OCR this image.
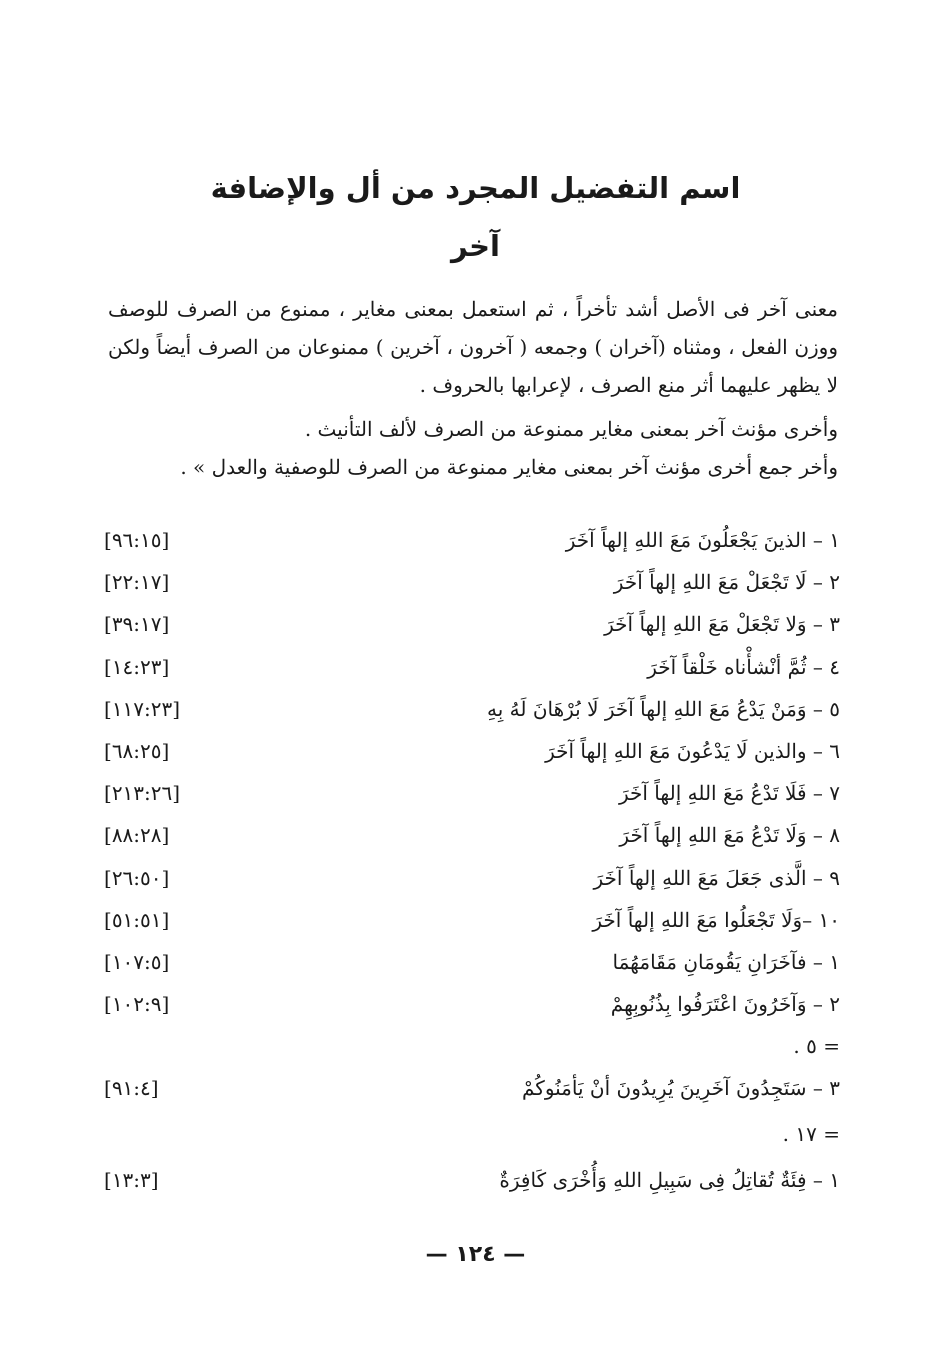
اسم التفضيل المجرد من أل والإضافة
آخر

معنى آخر فى الأصل أشد تأخراً ، ثم استعمل بمعنى مغاير ، ممنوع من الصرف للوصف ووزن الفعل ، ومثناه (آخران ) وجمعه ( آخرون ، آخرين ) ممنوعان من الصرف أيضاً ولكن لا يظهر عليهما أثر منع الصرف ، لإعرابها بالحروف .

وأخرى مؤنث آخر بمعنى مغاير ممنوعة من الصرف لألف التأنيث .

وأخر جمع أخرى مؤنث آخر بمعنى مغاير ممنوعة من الصرف للوصفية والعدل » .

١ – الذينَ يَجْعَلُونَ مَعَ اللهِ إلهاً آخَرَ
[٩٦:١٥]
٢ – لَا تَجْعَلْ مَعَ اللهِ إلهاً آخَرَ
[٢٢:١٧]
٣ – وَلا تَجْعَلْ مَعَ اللهِ إلهاً آخَرَ
[٣٩:١٧]
٤ – ثُمَّ أنْشأْناه خَلْقاً آخَرَ
[١٤:٢٣]
٥ – وَمَنْ يَدْعُ مَعَ اللهِ إلهاً آخَرَ لَا بُرْهَانَ لَهُ بِهِ
[١١٧:٢٣]
٦ – والذين لَا يَدْعُونَ مَعَ اللهِ إلهاً آخَرَ
[٦٨:٢٥]
٧ – فَلَا تَدْعُ مَعَ اللهِ إلهاً آخَرَ
[٢١٣:٢٦]
٨ – وَلَا تَدْعُ مَعَ اللهِ إلهاً آخَرَ
[٨٨:٢٨]
٩ – الَّذى جَعَلَ مَعَ اللهِ إلهاً آخَرَ
[٢٦:٥٠]
١٠ –وَلَا تَجْعَلُوا مَعَ اللهِ إلهاً آخَرَ
[٥١:٥١]
١ – فآخَرَانِ يَقُومَانِ مَقَامَهُمَا
[١٠٧:٥]
٢ – وَآخَرُونَ اعْتَرَفُوا بِذُنُوبِهِمْ
[١٠٢:٩]
= ٥ .
٣ – سَتَجِدُونَ آخَرِينَ يُرِيدُونَ أنْ يَأمَنُوكُمْ
[٩١:٤]
= ١٧ .
١ – فِئَةٌ تُقاتِلُ فِى سَبِيلِ اللهِ وَأُخْرَى كَافِرَةٌ
[١٣:٣]
— ١٢٤ —
